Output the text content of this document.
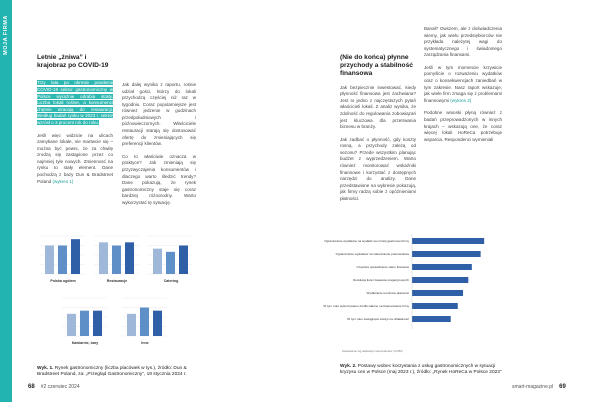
MOJA FIRMA
Letnie „żniwa” i krajobraz po COVID-19

Trzy lata po okresie pandemii COVID-19 sektor gastronomiczny w Polsce wyraźnie odrabia straty. Liczba lokali rośnie, a konsumenci chętnie wracają do restauracji. Według badań rynku w 2023 r. sektor wzrósł o 3 procent rok do roku.

Jeśli więc widzicie na ulicach zamykane lokale, nie martwcie się – można być pewni, że za chwilę zrodzą się zastąpione przez co najmniej tyle nowych. Zmiennosć na rynku to stały element. Dane pochodzą z bazy Dun & Bradstreet Poland (wykres 1)

Jak dalej wynika z raportu, rośnie udział gości, którzy do lokali przychodzą częściej niż raz w tygodniu. Coraz popularniejsze jest również jedzenie w godzinach przedpołudniowych i późnowieczornych. Właściciele restauracji starają się dostosować ofertę do zmieniających się preferencji klientów.

Co to właściwie oznacza w praktyce? Jak zmieniają się przyzwyczajenia konsumentów i dlaczego warto śledzić trendy? Dane pokazują, że rynek gastronomiczny staje się coraz bardziej różnorodny. Warto wykorzystać tę sytuację.

(Nie do końca) płynne przychody a stabilność finansowa

Jak bezpiecznie inwestować, kiedy płynność finansowa jest zachwiana? Jest to jedno z najczęstszych pytań właścicieli lokali. Z analiz wynika, że zdolność do regulowania zobowiązań jest kluczowa dla przetrwania biznesu w branży.

Jak zadbać o płynność, gdy koszty rosną, a przychody zależą od sezonu? Przede wszystkim planując budżet z wyprzedzeniem. Warto również monitorować wskaźniki finansowe i korzystać z dostępnych narzędzi do analizy. Dane przedstawione na wykresie pokazują, jak firmy radzą sobie z opóźnieniami płatności.

Banał? Owszem, ale z doświadczenia wiemy, jak wielu przedsiębiorców nie przykłada należytej wagi do systematycznego i świadomego zarządzania finansami.

Jeśli w tym momencie krzywicie pomyślcie o rozważeniu wydatków oraz o konsekwencjach zaniedbań w tym zakresie. Nasz raport wskazuje, jak wiele firm zmaga się z problemami finansowymi (wykres 2)

Podobne wnioski płyną również z badań przeprowadzonych w innych krajach – wskazują one, że coraz więcej lokali HoReCa potrzebuje wsparcia. Respondenci wymieniali

Polska ogółem	Restauracje	Catering
Kawiarnie, bary	Inne
Ograniczanie wydatków na wydatki na rozwój gastronomiczny
Ograniczanie wydatków na zatrudnienie pracowników
Częstsze sprawdzanie stanu finansów
Redukcja ilości zapasów magazynowych
Wydłużanie terminów płatności
W tym roku wykorzystano środki własne na finansowanie firmy
W tym roku zaciągnięto kredyt na działalność
Zestawienie wg deklaracji respondentów (n=250)
Wyk. 1. Rynek gastronomiczny (liczba placówek w tys.), źródło: Dun & Bradstreet Poland, za: „Przegląd Gastronomiczny”, 19 stycznia 2024 r.
Wyk. 2. Postawy wobec korzystania z usług gastronomicznych w sytuacji kryzysu cen w Polsce (maj 2023 r.), źródło: „Rynek HoReCa w Polsce 2023”
68 #2 czerwiec 2024	smart-magazine.pl 69
